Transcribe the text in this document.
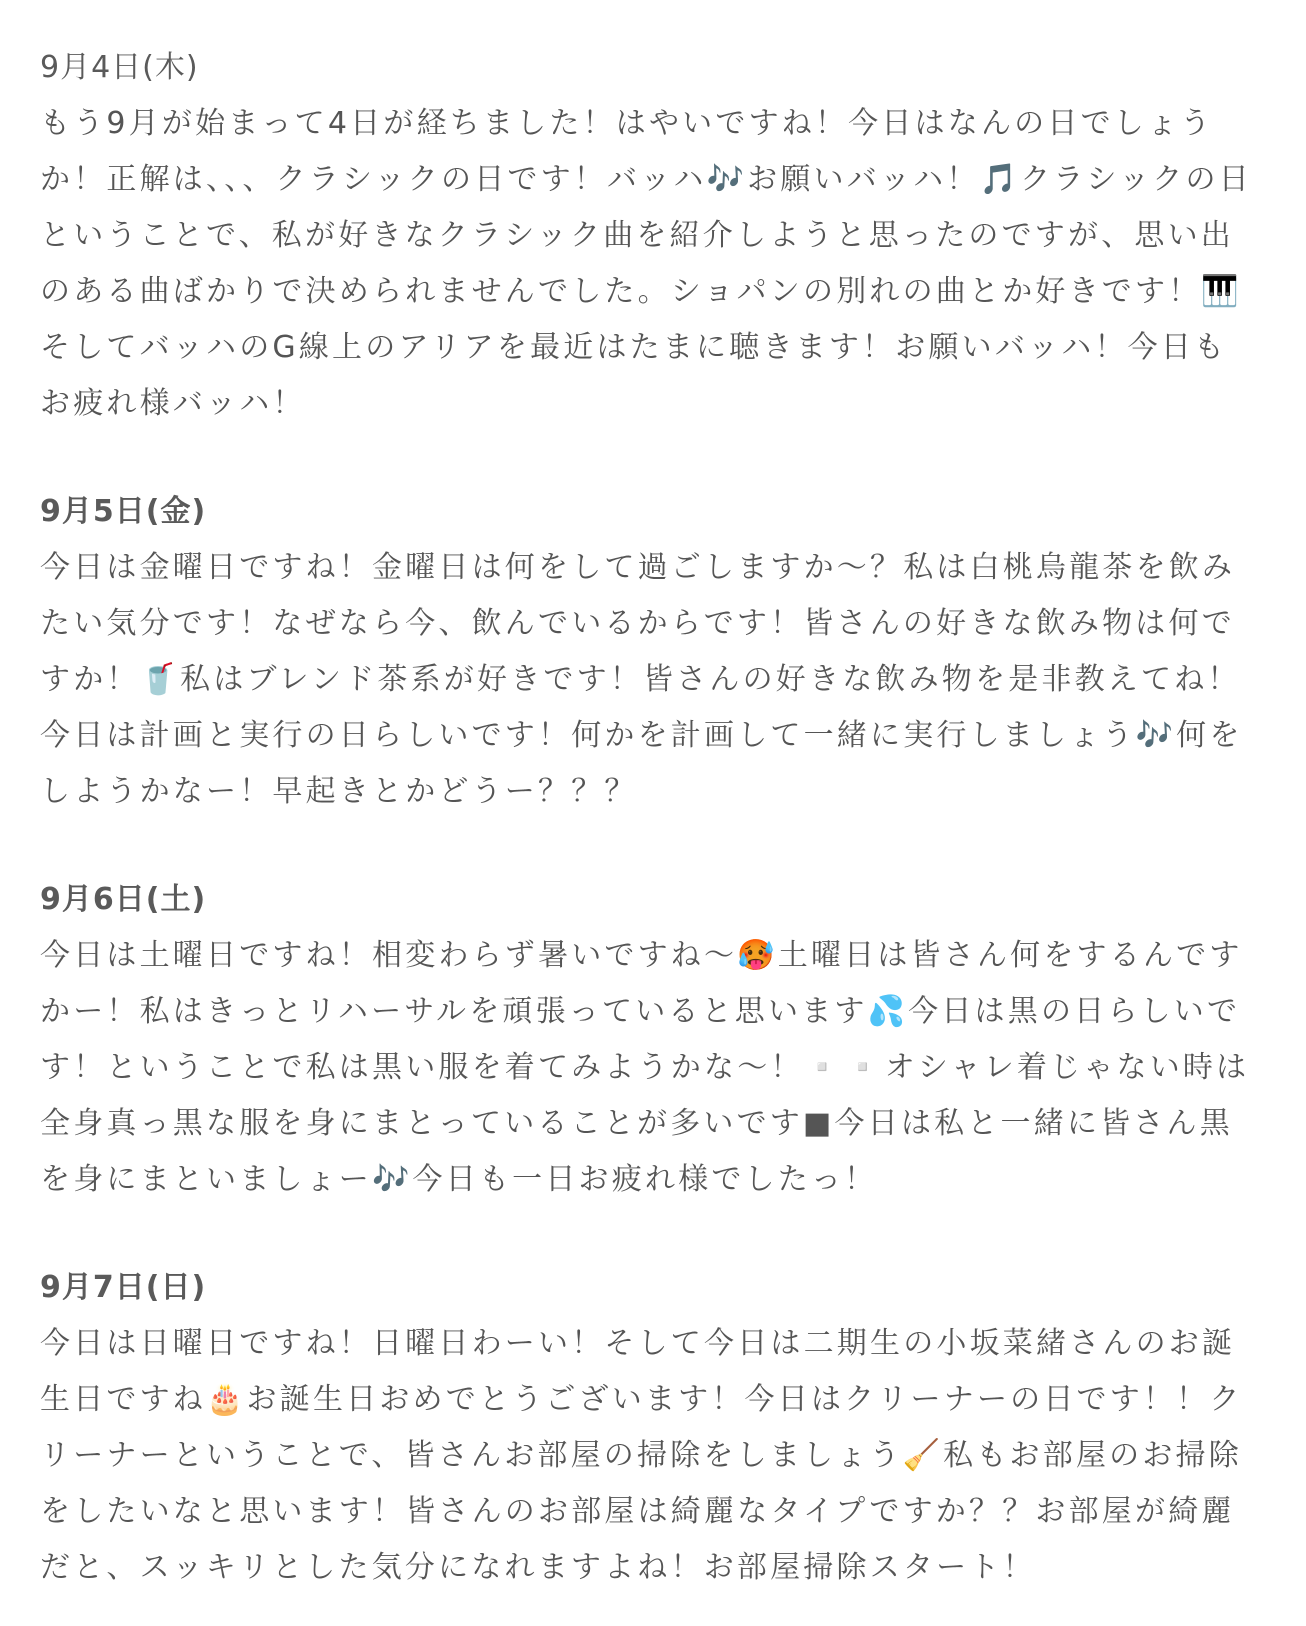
9月4日(木)
もう9月が始まって4日が経ちました！はやいですね！今日はなんの日でしょう
か！正解は、、、クラシックの日です！バッハ🎶お願いバッハ！🎵クラシックの日
ということで、私が好きなクラシック曲を紹介しようと思ったのですが、思い出
のある曲ばかりで決められませんでした。ショパンの別れの曲とか好きです！🎹
そしてバッハのG線上のアリアを最近はたまに聴きます！お願いバッハ！今日も
お疲れ様バッハ！
9月5日(金)
今日は金曜日ですね！金曜日は何をして過ごしますか〜？私は白桃烏龍茶を飲み
たい気分です！なぜなら今、飲んでいるからです！皆さんの好きな飲み物は何で
すか！🥤私はブレンド茶系が好きです！皆さんの好きな飲み物を是非教えてね！
今日は計画と実行の日らしいです！何かを計画して一緒に実行しましょう🎶何を
しようかなー！早起きとかどうー？？？
9月6日(土)
今日は土曜日ですね！相変わらず暑いですね〜🥵土曜日は皆さん何をするんです
かー！私はきっとリハーサルを頑張っていると思います💦今日は黒の日らしいで
す！ということで私は黒い服を着てみようかな〜！▫️▫️オシャレ着じゃない時は
全身真っ黒な服を身にまとっていることが多いです■今日は私と一緒に皆さん黒
を身にまといましょー🎶今日も一日お疲れ様でしたっ！
9月7日(日)
今日は日曜日ですね！日曜日わーい！そして今日は二期生の小坂菜緒さんのお誕
生日ですね🎂お誕生日おめでとうございます！今日はクリーナーの日です！！ク
リーナーということで、皆さんお部屋の掃除をしましょう🧹私もお部屋のお掃除
をしたいなと思います！皆さんのお部屋は綺麗なタイプですか？？お部屋が綺麗
だと、スッキリとした気分になれますよね！お部屋掃除スタート！
